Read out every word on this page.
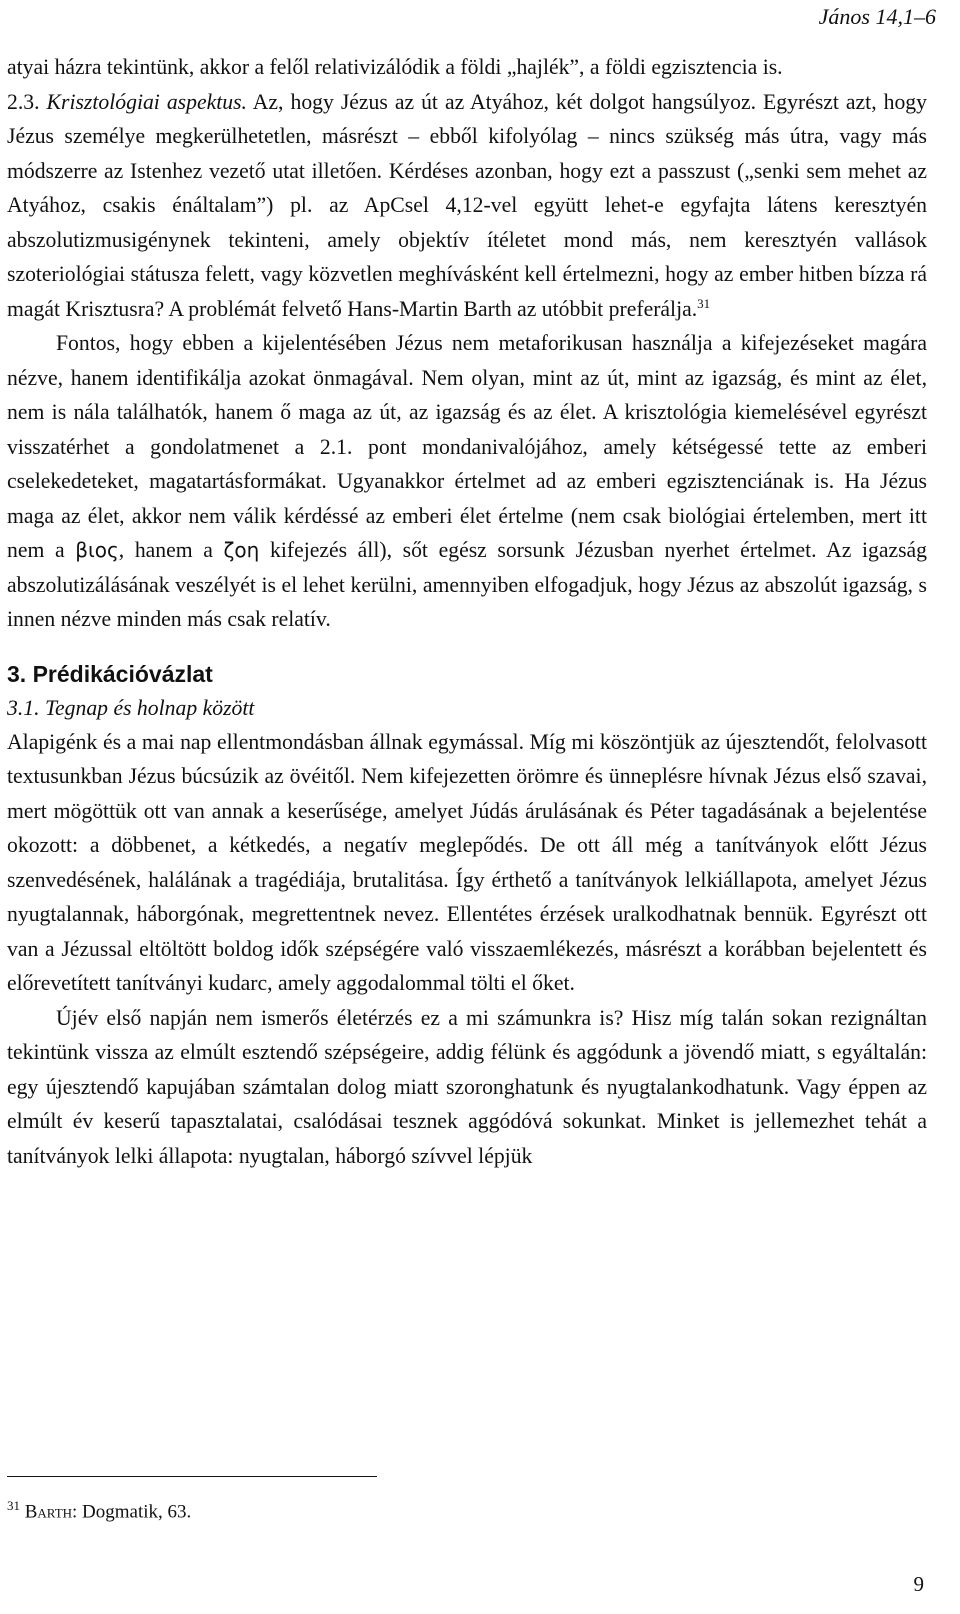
János 14,1–6

atyai házra tekintünk, akkor a felől relativizálódik a földi „hajlék”, a földi egzisztencia is.

2.3. Krisztológiai aspektus. Az, hogy Jézus az út az Atyához, két dolgot hangsúlyoz. Egyrészt azt, hogy Jézus személye megkerülhetetlen, másrészt – ebből kifolyólag – nincs szükség más útra, vagy más módszerre az Istenhez vezető utat illetően. Kérdéses azonban, hogy ezt a passzust („senki sem mehet az Atyához, csakis énáltalam”) pl. az ApCsel 4,12-vel együtt lehet-e egyfajta látens keresztyén abszolutizmusigénynek tekinteni, amely objektív ítéletet mond más, nem keresztyén vallások szoteriológiai státusza felett, vagy közvetlen meghívásként kell értelmezni, hogy az ember hitben bízza rá magát Krisztusra? A problémát felvető Hans-Martin Barth az utóbbit preferálja.$^{31}$

Fontos, hogy ebben a kijelentésében Jézus nem metaforikusan használja a kifejezéseket magára nézve, hanem identifikálja azokat önmagával. Nem olyan, mint az út, mint az igazság, és mint az élet, nem is nála találhatók, hanem ő maga az út, az igazság és az élet. A krisztológia kiemelésével egyrészt visszatérhet a gondolatmenet a 2.1. pont mondanivalójához, amely kétségessé tette az emberi cselekedeteket, magatartásformákat. Ugyanakkor értelmet ad az emberi egzisztenciának is. Ha Jézus maga az élet, akkor nem válik kérdéssé az emberi élet értelme (nem csak biológiai értelemben, mert itt nem a βιος, hanem a ζοη kifejezés áll), sőt egész sorsunk Jézusban nyerhet értelmet. Az igazság abszolutizálásának veszélyét is el lehet kerülni, amennyiben elfogadjuk, hogy Jézus az abszolút igazság, s innen nézve minden más csak relatív.

3. Prédikációvázlat
3.1. Tegnap és holnap között

Alapigénk és a mai nap ellentmondásban állnak egymással. Míg mi köszöntjük az újesztendőt, felolvasott textusunkban Jézus búcsúzik az övéitől. Nem kifejezetten örömre és ünneplésre hívnak Jézus első szavai, mert mögöttük ott van annak a keserűsége, amelyet Júdás árulásának és Péter tagadásának a bejelentése okozott: a döbbenet, a kétkedés, a negatív meglepődés. De ott áll még a tanítványok előtt Jézus szenvedésének, halálának a tragédiája, brutalitása. Így érthető a tanítványok lelkiállapota, amelyet Jézus nyugtalannak, háborgónak, megrettentnek nevez. Ellentétes érzések uralkodhatnak bennük. Egyrészt ott van a Jézussal eltöltött boldog idők szépségére való visszaemlékezés, másrészt a korábban bejelentett és előrevetített tanítványi kudarc, amely aggodalommal tölti el őket.

Újév első napján nem ismerős életérzés ez a mi számunkra is? Hisz míg talán sokan rezignáltan tekintünk vissza az elmúlt esztendő szépségeire, addig félünk és aggódunk a jövendő miatt, s egyáltalán: egy újesztendő kapujában számtalan dolog miatt szoronghatunk és nyugtalankodhatunk. Vagy éppen az elmúlt év keserű tapasztalatai, csalódásai tesznek aggódóvá sokunkat. Minket is jellemezhet tehát a tanítványok lelki állapota: nyugtalan, háborgó szívvel lépjük

$^{31}$ Barth: Dogmatik, 63.
9
